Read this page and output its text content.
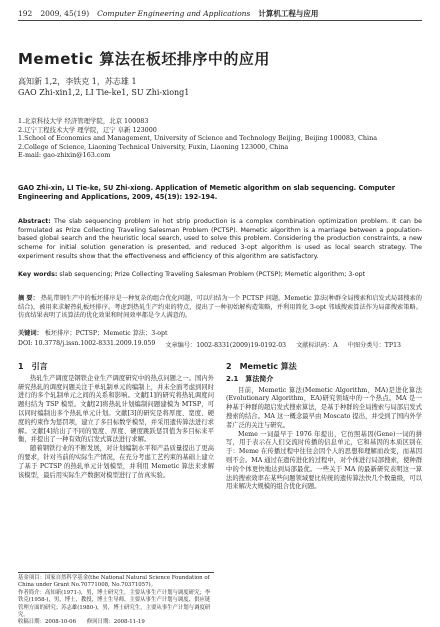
192 2009, 45(19) Computer Engineering and Applications 计算机工程与应用
Memetic 算法在板坯排序中的应用
高知新 1,2，李铁克 1，苏志雄 1
GAO Zhi-xin1,2, LI Tie-ke1, SU Zhi-xiong1
1.北京科技大学 经济管理学院，北京 100083
2.辽宁工程技术大学 理学院，辽宁 阜新 123000
1.School of Economics and Management, University of Science and Technology Beijing, Beijing 100083, China
2.College of Science, Liaoning Technical University, Fuxin, Liaoning 123000, China
E-mail: gao-zhixin@163.com
GAO Zhi-xin, LI Tie-ke, SU Zhi-xiong. Application of Memetic algorithm on slab sequencing. Computer Engineering and Applications, 2009, 45(19): 192-194.
Abstract: The slab sequencing problem in hot strip production is a complex combination optimization problem. It can be formulated as Prize Collecting Traveling Salesman Problem (PCTSP). Memetic algorithm is a marriage between a population-based global search and the heuristic local search, used to solve this problem. Considering the production constraints, a new scheme for initial solution generation is presented, and reduced 3-opt algorithm is used as local search strategy. The experiment results show that the effectiveness and efficiency of this algorithm are satisfactory.
Key words: slab sequencing; Prize Collecting Traveling Salesman Problem (PCTSP); Memetic algorithm; 3-opt
摘 要： 热轧带钢生产中的板坯排序是一种复杂的组合优化问题，可以归结为一个 PCTSP 问题。Memetic 算法(种群全局搜索和启发式局部搜索的结合)，被用来求解热轧板坯排序。考虑到热轧生产约束的特点，提出了一种初始解构造策略，并利用简化 3-opt 邻域搜索算法作为局部搜索策略。仿真结果表明了该算法的优化效果和时间效率都是令人满意的。
关键词： 板坯排序；PCTSP；Memetic 算法；3-opt
DOI: 10.3778/j.issn.1002-8331.2009.19.059 文章编号：1002-8331(2009)19-0192-03 文献标识码：A 中图分类号：TP13
1　引言

热轧生产调度是钢铁企业生产调度研究中的热点问题之一。国内外研究热轧的调度问题关注于单轧制单元的编制上，并未全面考虑到同时进行的多个轧制单元之间的关系和影响。文献[1]的研究将热轧调度问题归结为 TSP 模型。文献[2]将热轧计划编制问题建模为 MTSP，可以同时编制出多个热轧单元计划。文献[3]的研究是将厚度、宽度、硬度的约束作为惩罚项，建立了多目标数学模型，并采用遗传算法进行求解。文献[4]给出了不同的宽度、厚度、硬度跳跃惩罚值为多目标来平衡，并提出了一种有效的启发式算法进行求解。

随着钢铁行业的不断发展，对计划编制水平和产品质量提出了更高的要求，针对当前的实际生产情况，在充分考虑工艺约束的基础上建立了基于 PCTSP 的热轧单元计划模型，并利用 Memetic 算法来求解该模型，最后用实际生产数据对模型进行了仿真实验。

2　Memetic 算法
2.1　算法简介

目前，Memetic 算法(Memetic Algorithm，MA)是进化算法(Evolutionary Algorithm，EA)研究领域中的一个热点。MA 是一种基于种群的超启发式搜索算法，是基于种群的全局搜索与局部启发式搜索的结合。MA 这一概念最早由 Moscato 提出，并受到了国内外学者广泛的关注与研究。

Meme 一词最早于 1976 年提出，它仿照基因(Gene)一词的拼写，用于表示在人们交流时传播的信息单元，它和基因的本质区别在于：Meme 在传播过程中往往会因个人的思想和理解而改变，而基因则不会。MA 通过在遗传进化的过程中，对个体进行局部搜索，使种群中的个体更快地达到局部最优。一些关于 MA 的最新研究表明这一算法的搜索效率在某些问题领域要比传统的遗传算法快几个数量级，可以用来解决大规模的组合优化问题。

基金项目：国家自然科学基金(the National Natural Science Foundation of China under Grant No.70771008, No.70371057)。
作者简介：高知新(1971-)，男，博士研究生，主要从事生产计划与调度研究；李铁克(1958-)，男，博士，教授，博士生导师，主要从事生产计划与调度、供应链管理方面的研究；苏志雄(1980-)，男，博士研究生，主要从事生产计划与调度研究。
收稿日期：2008-10-06　　修回日期：2008-11-19
